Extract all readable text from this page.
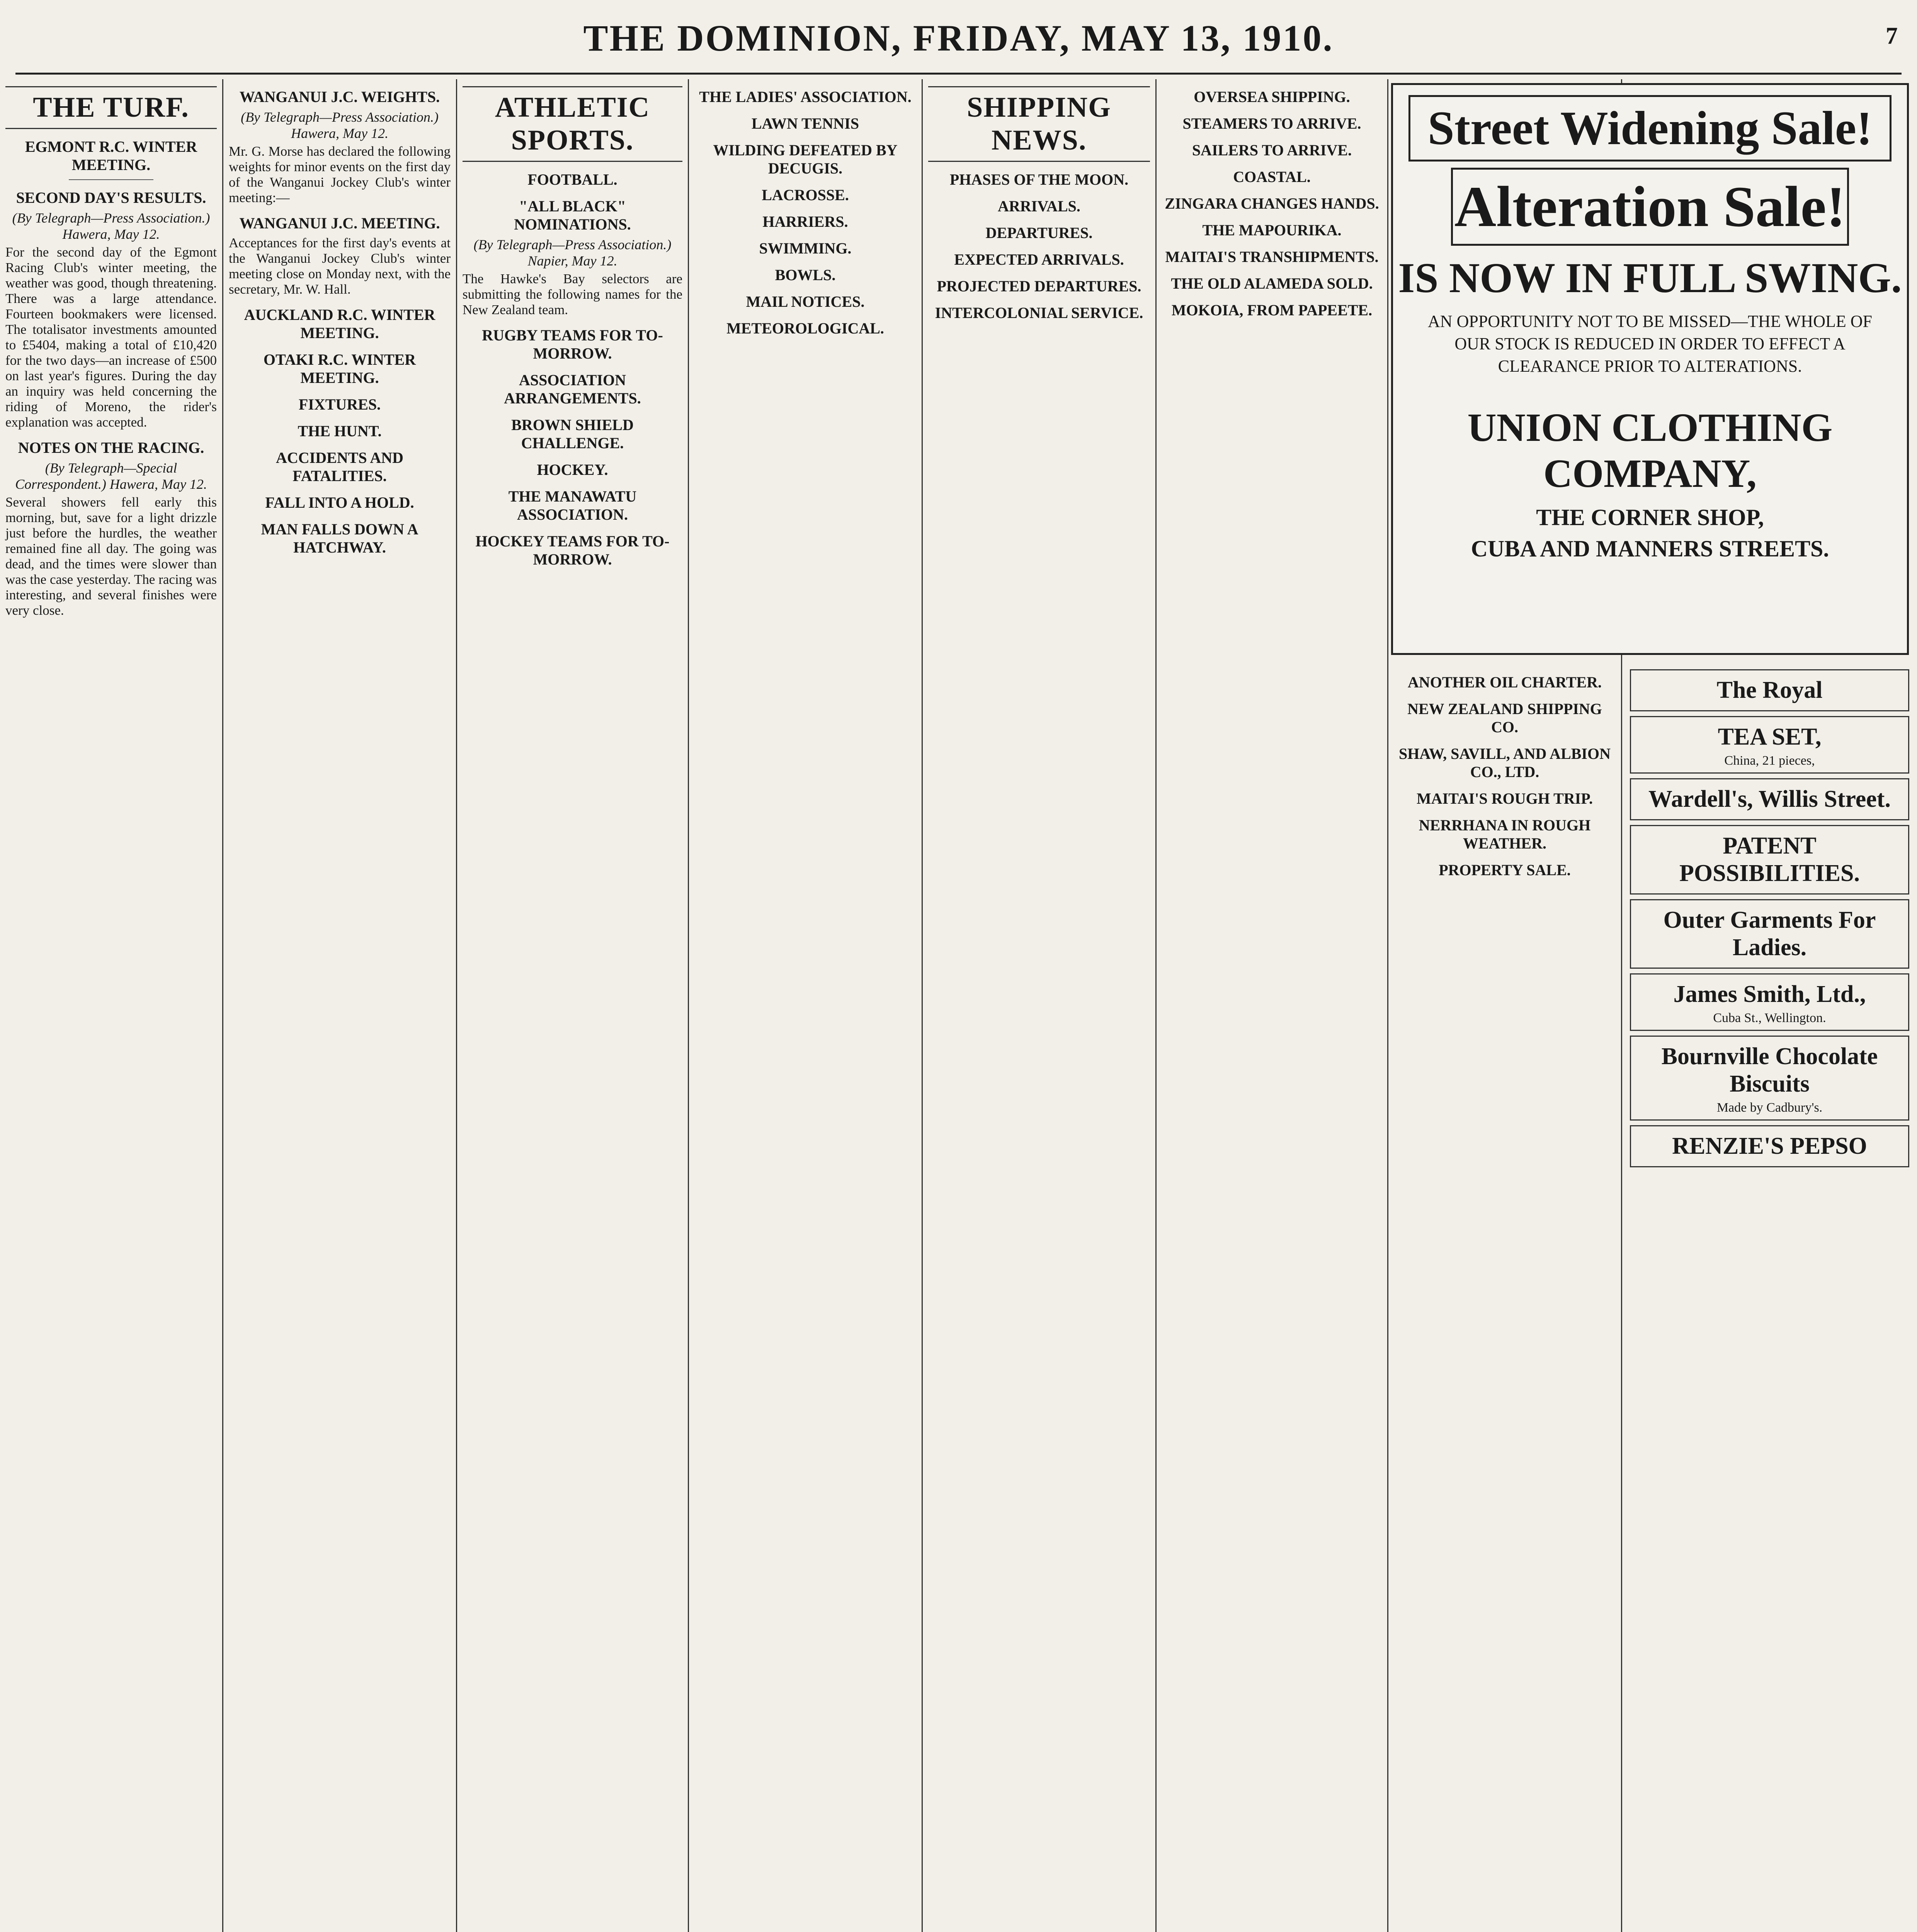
THE DOMINION, FRIDAY, MAY 13, 1910.	7
THE TURF.
EGMONT R.C. WINTER MEETING.
SECOND DAY'S RESULTS.
(By Telegraph—Press Association.) Hawera, May 12.
For the second day of the Egmont Racing Club's winter meeting, the weather was good, though threatening. There was a large attendance. Fourteen bookmakers were licensed. The totalisator investments amounted to £5404, making a total of £10,420 for the two days—an increase of £500 on last year's figures. During the day an inquiry was held concerning the riding of Moreno, the rider's explanation was accepted.
NOTES ON THE RACING.
(By Telegraph—Special Correspondent.) Hawera, May 12.
Several showers fell early this morning, but, save for a light drizzle just before the hurdles, the weather remained fine all day. The going was dead, and the times were slower than was the case yesterday. The racing was interesting, and several finishes were very close.
WANGANUI J.C. WEIGHTS.
(By Telegraph—Press Association.) Hawera, May 12.
Mr. G. Morse has declared the following weights for minor events on the first day of the Wanganui Jockey Club's winter meeting:—
WANGANUI J.C. MEETING.
Acceptances for the first day's events at the Wanganui Jockey Club's winter meeting close on Monday next, with the secretary, Mr. W. Hall.
AUCKLAND R.C. WINTER MEETING.
OTAKI R.C. WINTER MEETING.
FIXTURES.
THE HUNT.
ACCIDENTS AND FATALITIES.
FALL INTO A HOLD.
MAN FALLS DOWN A HATCHWAY.
ATHLETIC SPORTS.
FOOTBALL.
"ALL BLACK" NOMINATIONS.
(By Telegraph—Press Association.) Napier, May 12.
The Hawke's Bay selectors are submitting the following names for the New Zealand team.
RUGBY TEAMS FOR TO-MORROW.
ASSOCIATION ARRANGEMENTS.
BROWN SHIELD CHALLENGE.
HOCKEY.
THE MANAWATU ASSOCIATION.
HOCKEY TEAMS FOR TO-MORROW.
THE LADIES' ASSOCIATION.
LAWN TENNIS
WILDING DEFEATED BY DECUGIS.
LACROSSE.
HARRIERS.
SWIMMING.
BOWLS.
MAIL NOTICES.
METEOROLOGICAL.
SHIPPING NEWS.
PHASES OF THE MOON.
ARRIVALS.
DEPARTURES.
EXPECTED ARRIVALS.
PROJECTED DEPARTURES.
INTERCOLONIAL SERVICE.
OVERSEA SHIPPING.
STEAMERS TO ARRIVE.
SAILERS TO ARRIVE.
COASTAL.
ZINGARA CHANGES HANDS.
THE MAPOURIKA.
MAITAI'S TRANSHIPMENTS.
THE OLD ALAMEDA SOLD.
MOKOIA, FROM PAPEETE.
Street Widening Sale!
Alteration Sale!
IS NOW IN FULL SWING.
AN OPPORTUNITY NOT TO BE MISSED—THE WHOLE OF OUR STOCK IS REDUCED IN ORDER TO EFFECT A CLEARANCE PRIOR TO ALTERATIONS.
UNION CLOTHING COMPANY,
THE CORNER SHOP,
CUBA AND MANNERS STREETS.
ANOTHER OIL CHARTER.
NEW ZEALAND SHIPPING CO.
SHAW, SAVILL, AND ALBION CO., LTD.
MAITAI'S ROUGH TRIP.
NERRHANA IN ROUGH WEATHER.
PROPERTY SALE.
The Royal
TEA SET,
China, 21 pieces,
Wardell's, Willis Street.
PATENT POSSIBILITIES.
Outer Garments For Ladies.
James Smith, Ltd.,
Cuba St., Wellington.
Bournville Chocolate Biscuits
Made by Cadbury's.
RENZIE'S PEPSO
